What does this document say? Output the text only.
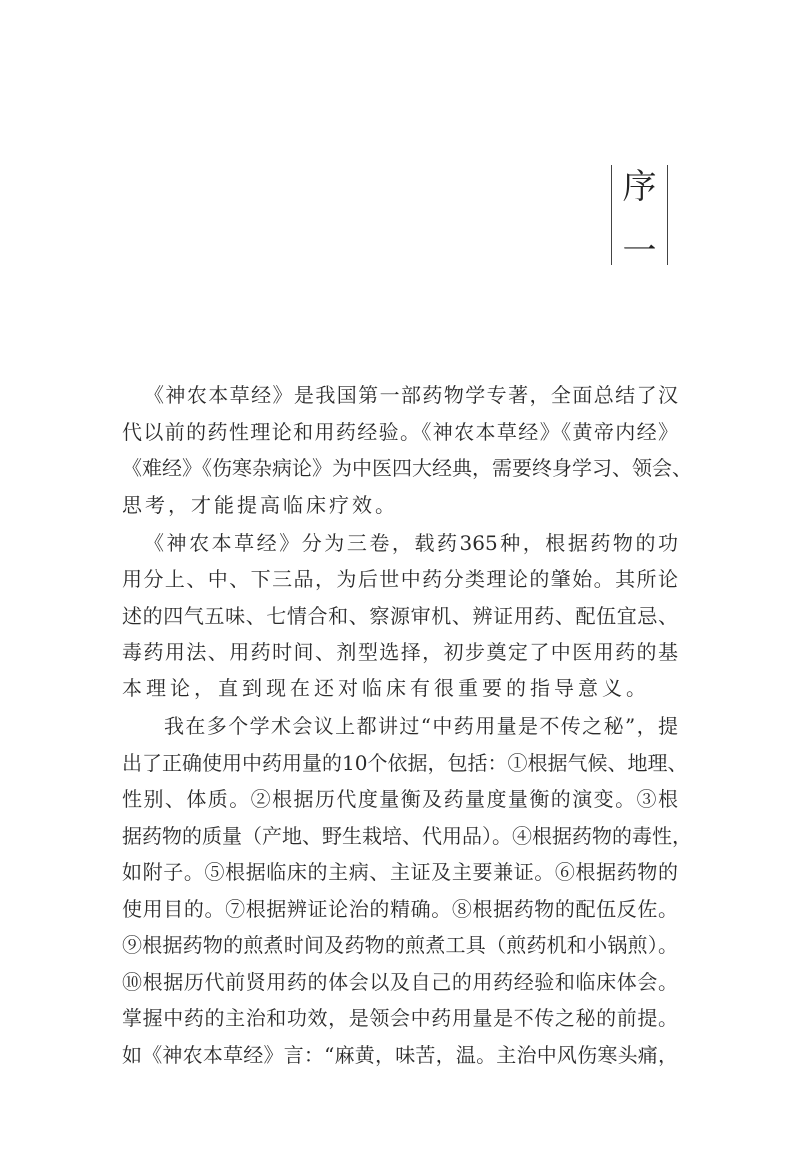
序
一
《神农本草经》是我国第一部药物学专著，全面总结了汉
代以前的药性理论和用药经验。《神农本草经》《黄帝内经》
《难经》《伤寒杂病论》为中医四大经典，需要终身学习、领会、
思考，才能提高临床疗效。
《神农本草经》分为三卷，载药365种，根据药物的功
用分上、中、下三品，为后世中药分类理论的肇始。其所论
述的四气五味、七情合和、察源审机、辨证用药、配伍宜忌、
毒药用法、用药时间、剂型选择，初步奠定了中医用药的基
本理论，直到现在还对临床有很重要的指导意义。
我在多个学术会议上都讲过“中药用量是不传之秘”，提
出了正确使用中药用量的10个依据，包括：①根据气候、地理、
性别、体质。②根据历代度量衡及药量度量衡的演变。③根
据药物的质量（产地、野生栽培、代用品）。④根据药物的毒性，
如附子。⑤根据临床的主病、主证及主要兼证。⑥根据药物的
使用目的。⑦根据辨证论治的精确。⑧根据药物的配伍反佐。
⑨根据药物的煎煮时间及药物的煎煮工具（煎药机和小锅煎）。
⑩根据历代前贤用药的体会以及自己的用药经验和临床体会。
掌握中药的主治和功效，是领会中药用量是不传之秘的前提。
如《神农本草经》言：“麻黄，味苦，温。主治中风伤寒头痛，
